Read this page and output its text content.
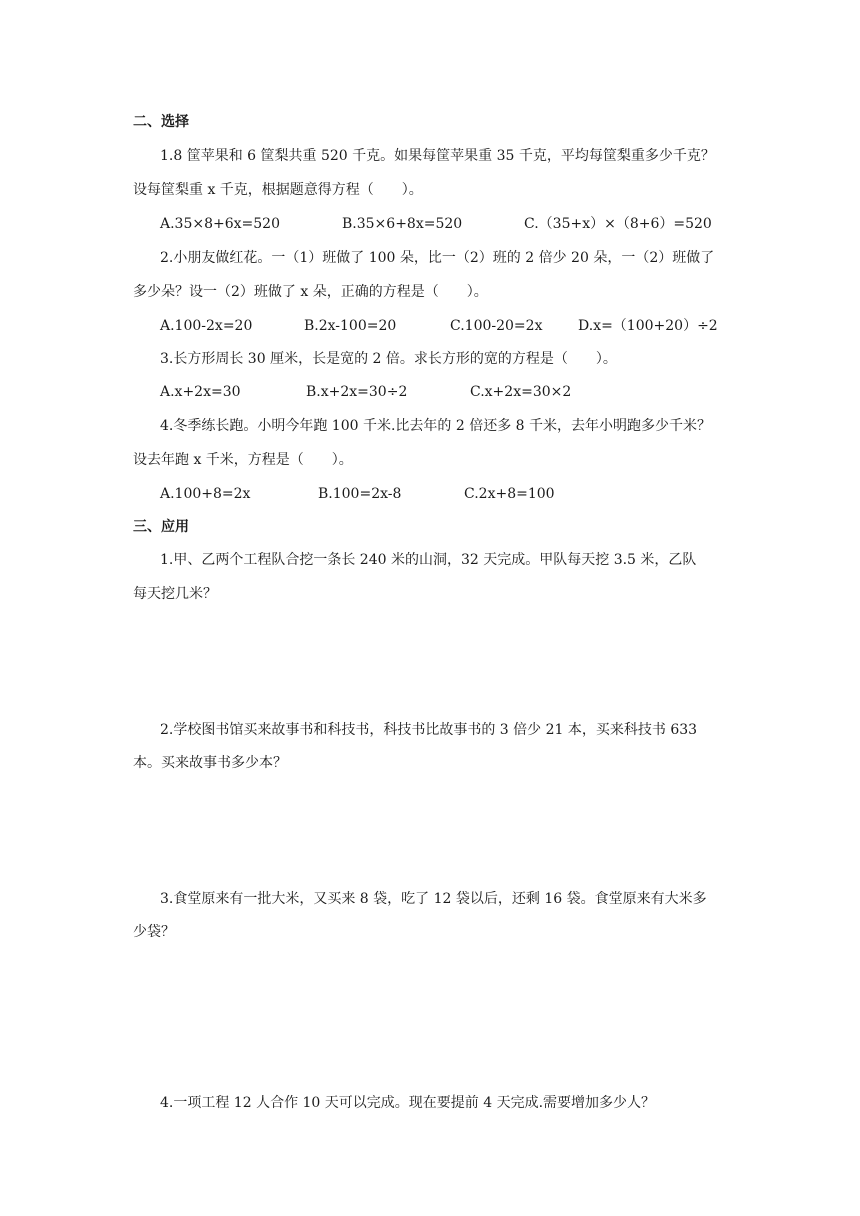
二、选择
1.8 筐苹果和 6 筐梨共重 520 千克。如果每筐苹果重 35 千克，平均每筐梨重多少千克？
设每筐梨重 x 千克，根据题意得方程（　　）。
A.35×8+6x=520	B.35×6+8x=520	C.（35+x）×（8+6）=520
2.小朋友做红花。一（1）班做了 100 朵，比一（2）班的 2 倍少 20 朵，一（2）班做了
多少朵？设一（2）班做了 x 朵，正确的方程是（　　）。
A.100-2x=20	B.2x-100=20	C.100-20=2x	D.x=（100+20）÷2
3.长方形周长 30 厘米，长是宽的 2 倍。求长方形的宽的方程是（　　）。
A.x+2x=30	B.x+2x=30÷2	C.x+2x=30×2
4.冬季练长跑。小明今年跑 100 千米.比去年的 2 倍还多 8 千米，去年小明跑多少千米？
设去年跑 x 千米，方程是（　　）。
A.100+8=2x	B.100=2x-8	C.2x+8=100
三、应用
1.甲、乙两个工程队合挖一条长 240 米的山洞，32 天完成。甲队每天挖 3.5 米，乙队
每天挖几米？
2.学校图书馆买来故事书和科技书，科技书比故事书的 3 倍少 21 本，买来科技书 633
本。买来故事书多少本？
3.食堂原来有一批大米，又买来 8 袋，吃了 12 袋以后，还剩 16 袋。食堂原来有大米多
少袋？
4.一项工程 12 人合作 10 天可以完成。现在要提前 4 天完成.需要增加多少人？
